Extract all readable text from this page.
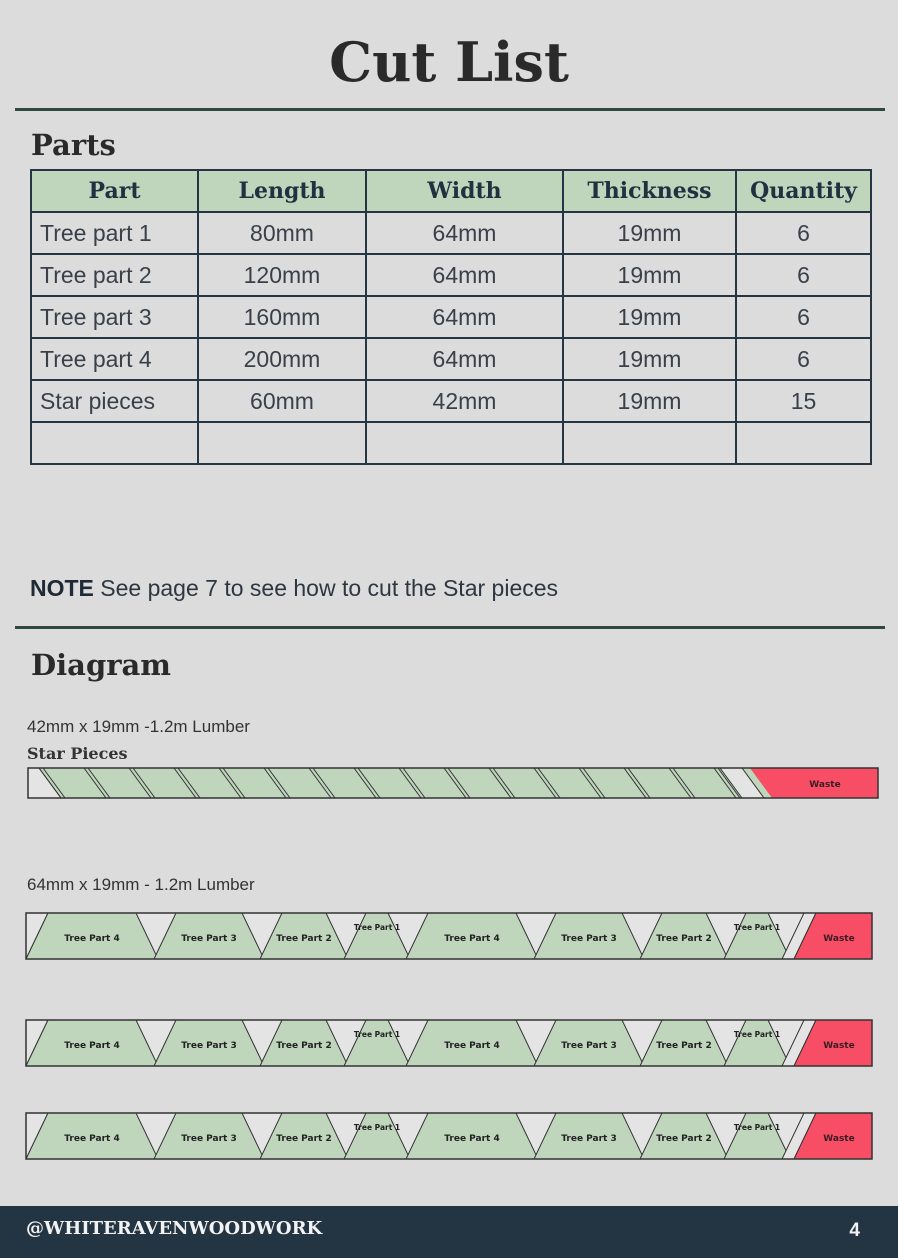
Cut List
Parts
Part	Length	Width	Thickness	Quantity
Tree part 1	80mm	64mm	19mm	6
Tree part 2	120mm	64mm	19mm	6
Tree part 3	160mm	64mm	19mm	6
Tree part 4	200mm	64mm	19mm	6
Star pieces	60mm	42mm	19mm	15

NOTE See page 7 to see how to cut the Star pieces
Diagram
42mm x 19mm -1.2m Lumber
Star Pieces
Waste
64mm x 19mm - 1.2m Lumber
Tree Part 4	Tree Part 3	Tree Part 2
Tree Part 1
Tree Part 4	Tree Part 3	Tree Part 2
Tree Part 1
Waste
Tree Part 4	Tree Part 3	Tree Part 2
Tree Part 1
Tree Part 4	Tree Part 3	Tree Part 2
Tree Part 1
Waste
Tree Part 4	Tree Part 3	Tree Part 2
Tree Part 1
Tree Part 4	Tree Part 3	Tree Part 2
Tree Part 1
Waste
@WHITERAVENWOODWORK	4
